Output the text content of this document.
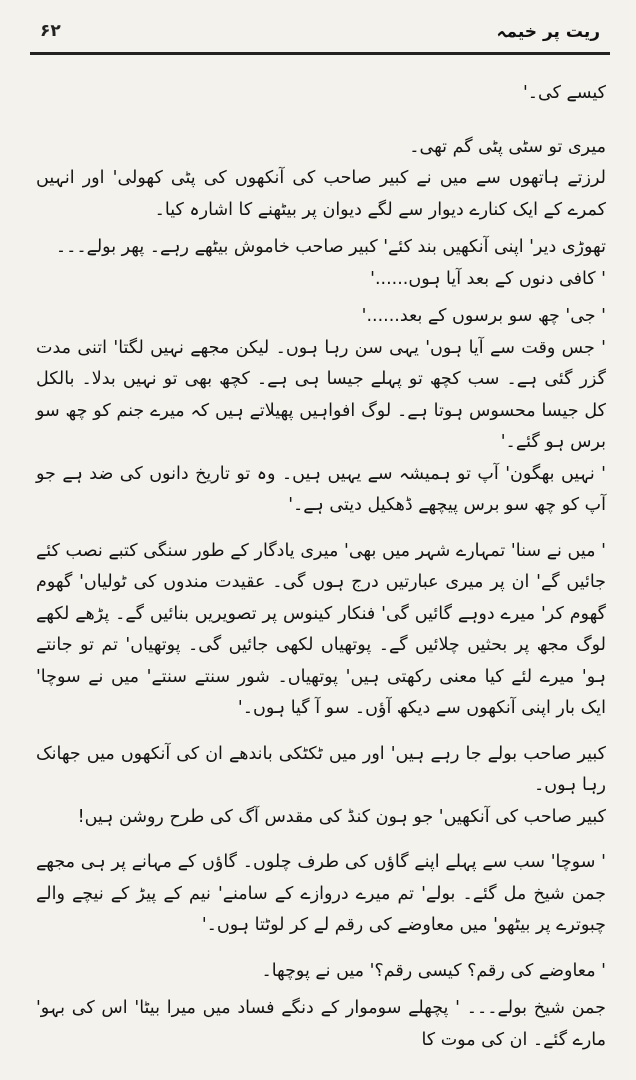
۶۲	ریت پر خیمہ

کیسے کی۔'

میری تو سٹی پٹی گم تھی۔

لرزتے ہاتھوں سے میں نے کبیر صاحب کی آنکھوں کی پٹی کھولی' اور انہیں کمرے کے ایک کنارے دیوار سے لگے دیوان پر بیٹھنے کا اشارہ کیا۔

تھوڑی دیر' اپنی آنکھیں بند کئے' کبیر صاحب خاموش بیٹھے رہے۔ پھر بولے۔۔۔

' کافی دنوں کے بعد آیا ہوں......'

' جی' چھ سو برسوں کے بعد......'

' جس وقت سے آیا ہوں' یہی سن رہا ہوں۔ لیکن مجھے نہیں لگتا' اتنی مدت گزر گئی ہے۔ سب کچھ تو پہلے جیسا ہی ہے۔ کچھ بھی تو نہیں بدلا۔ بالکل کل جیسا محسوس ہوتا ہے۔ لوگ افواہیں پھیلاتے ہیں کہ میرے جنم کو چھ سو برس ہو گئے۔'

' نہیں بھگون' آپ تو ہمیشہ سے یہیں ہیں۔ وہ تو تاریخ دانوں کی ضد ہے جو آپ کو چھ سو برس پیچھے ڈھکیل دیتی ہے۔'

' میں نے سنا' تمہارے شہر میں بھی' میری یادگار کے طور سنگی کتبے نصب کئے جائیں گے' ان پر میری عبارتیں درج ہوں گی۔ عقیدت مندوں کی ٹولیاں' گھوم گھوم کر' میرے دوہے گائیں گی' فنکار کینوس پر تصویریں بنائیں گے۔ پڑھے لکھے لوگ مجھ پر بحثیں چلائیں گے۔ پوتھیاں لکھی جائیں گی۔ پوتھیاں' تم تو جانتے ہو' میرے لئے کیا معنی رکھتی ہیں' پوتھیاں۔ شور سنتے سنتے' میں نے سوچا' ایک بار اپنی آنکھوں سے دیکھ آؤں۔ سو آ گیا ہوں۔'

کبیر صاحب بولے جا رہے ہیں' اور میں ٹکٹکی باندھے ان کی آنکھوں میں جھانک رہا ہوں۔

کبیر صاحب کی آنکھیں' جو ہون کنڈ کی مقدس آگ کی طرح روشن ہیں!

' سوچا' سب سے پہلے اپنے گاؤں کی طرف چلوں۔ گاؤں کے مہانے پر ہی مجھے جمن شیخ مل گئے۔ بولے' تم میرے دروازے کے سامنے' نیم کے پیڑ کے نیچے والے چبوترے پر بیٹھو' میں معاوضے کی رقم لے کر لوٹتا ہوں۔'

' معاوضے کی رقم؟ کیسی رقم؟' میں نے پوچھا۔

جمن شیخ بولے۔۔۔ ' پچھلے سوموار کے دنگے فساد میں میرا بیٹا' اس کی بہو' مارے گئے۔ ان کی موت کا
